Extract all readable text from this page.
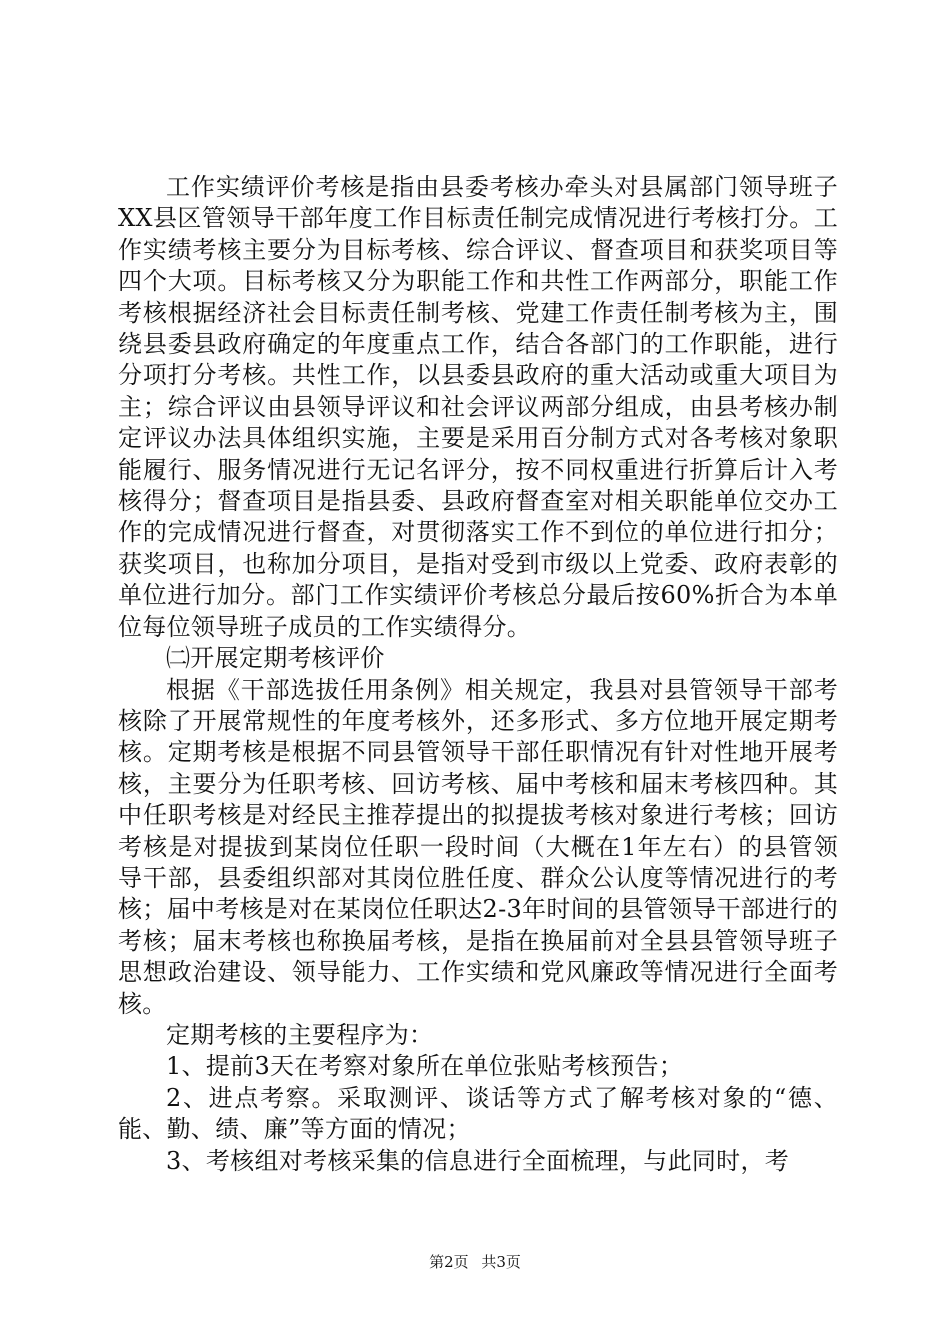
工作实绩评价考核是指由县委考核办牵头对县属部门领导班子XX县区管领导干部年度工作目标责任制完成情况进行考核打分。工作实绩考核主要分为目标考核、综合评议、督查项目和获奖项目等四个大项。目标考核又分为职能工作和共性工作两部分，职能工作考核根据经济社会目标责任制考核、党建工作责任制考核为主，围绕县委县政府确定的年度重点工作，结合各部门的工作职能，进行分项打分考核。共性工作，以县委县政府的重大活动或重大项目为主；综合评议由县领导评议和社会评议两部分组成，由县考核办制定评议办法具体组织实施，主要是采用百分制方式对各考核对象职能履行、服务情况进行无记名评分，按不同权重进行折算后计入考核得分；督查项目是指县委、县政府督查室对相关职能单位交办工作的完成情况进行督查，对贯彻落实工作不到位的单位进行扣分；获奖项目，也称加分项目，是指对受到市级以上党委、政府表彰的单位进行加分。部门工作实绩评价考核总分最后按60%折合为本单位每位领导班子成员的工作实绩得分。

㈡开展定期考核评价

根据《干部选拔任用条例》相关规定，我县对县管领导干部考核除了开展常规性的年度考核外，还多形式、多方位地开展定期考核。定期考核是根据不同县管领导干部任职情况有针对性地开展考核，主要分为任职考核、回访考核、届中考核和届末考核四种。其中任职考核是对经民主推荐提出的拟提拔考核对象进行考核；回访考核是对提拔到某岗位任职一段时间（大概在1年左右）的县管领导干部，县委组织部对其岗位胜任度、群众公认度等情况进行的考核；届中考核是对在某岗位任职达2-3年时间的县管领导干部进行的考核；届末考核也称换届考核，是指在换届前对全县县管领导班子思想政治建设、领导能力、工作实绩和党风廉政等情况进行全面考核。

定期考核的主要程序为：

1、提前3天在考察对象所在单位张贴考核预告；

2、进点考察。采取测评、谈话等方式了解考核对象的“德、能、勤、绩、廉”等方面的情况；

3、考核组对考核采集的信息进行全面梳理，与此同时，考

第2页 共3页
